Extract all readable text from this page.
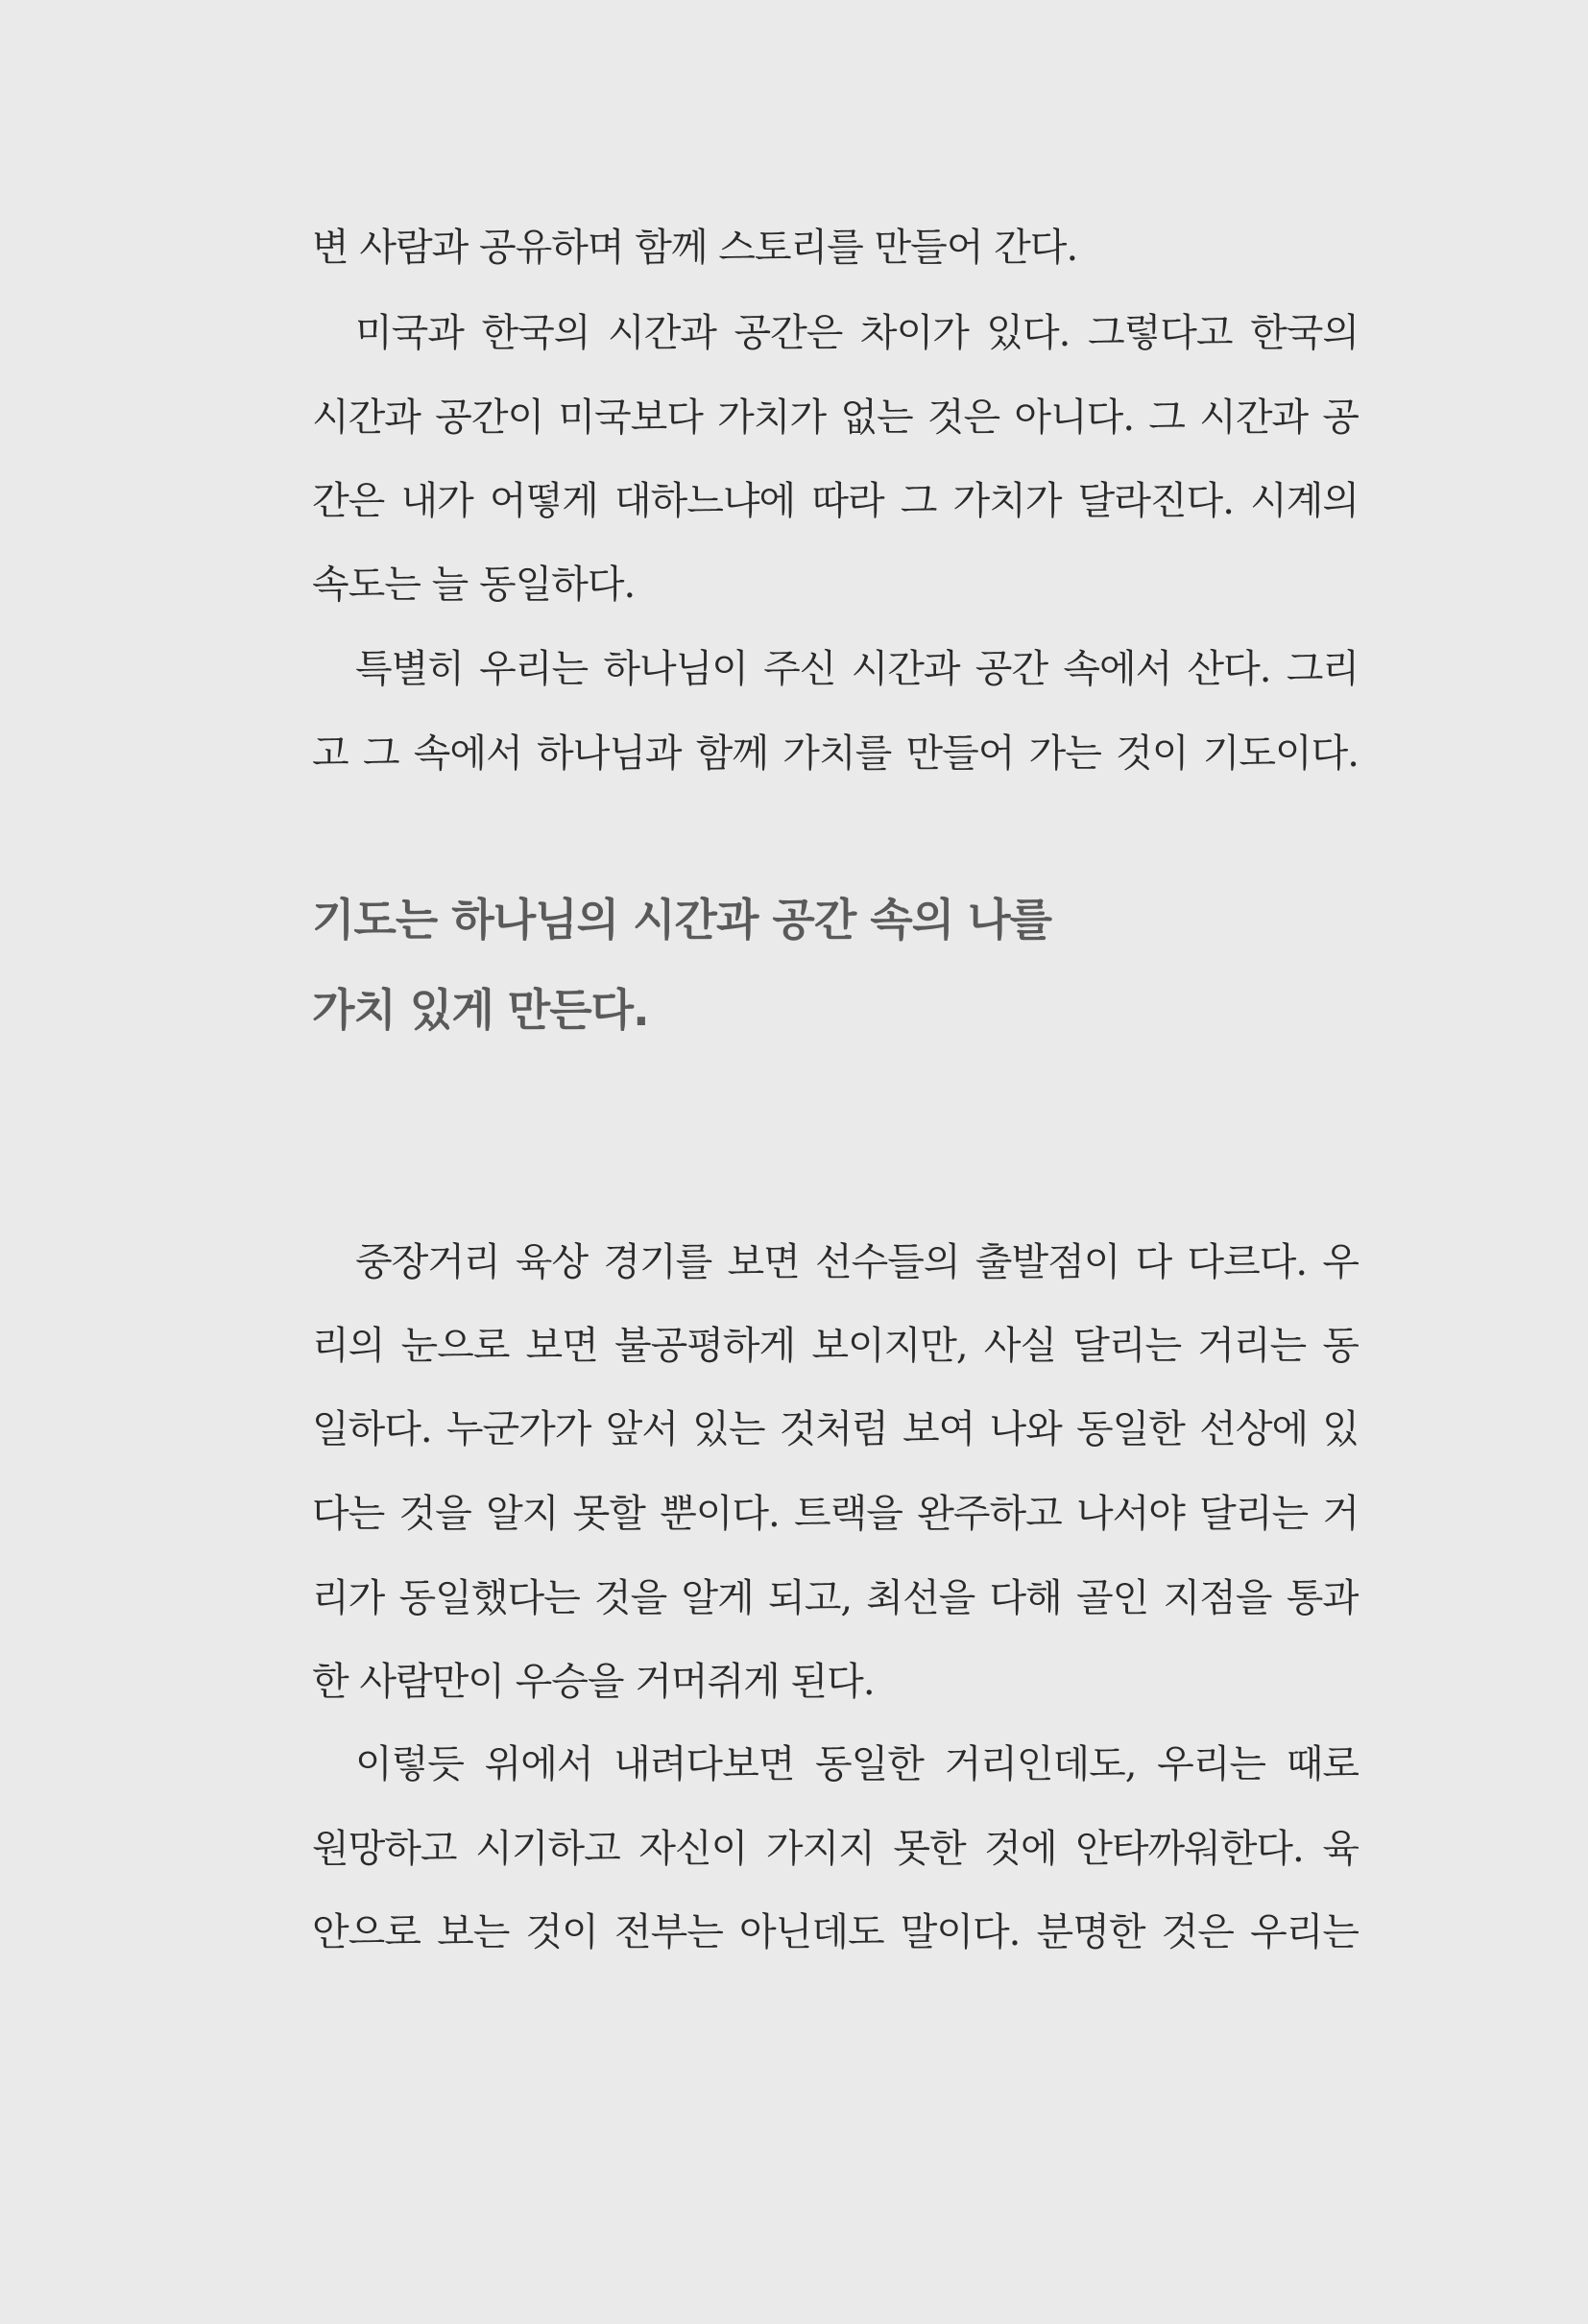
변 사람과 공유하며 함께 스토리를 만들어 간다.
미국과 한국의 시간과 공간은 차이가 있다. 그렇다고 한국의
시간과 공간이 미국보다 가치가 없는 것은 아니다. 그 시간과 공
간은 내가 어떻게 대하느냐에 따라 그 가치가 달라진다. 시계의
속도는 늘 동일하다.
특별히 우리는 하나님이 주신 시간과 공간 속에서 산다. 그리
고 그 속에서 하나님과 함께 가치를 만들어 가는 것이 기도이다.
기도는 하나님의 시간과 공간 속의 나를
가치 있게 만든다.
중장거리 육상 경기를 보면 선수들의 출발점이 다 다르다. 우
리의 눈으로 보면 불공평하게 보이지만, 사실 달리는 거리는 동
일하다. 누군가가 앞서 있는 것처럼 보여 나와 동일한 선상에 있
다는 것을 알지 못할 뿐이다. 트랙을 완주하고 나서야 달리는 거
리가 동일했다는 것을 알게 되고, 최선을 다해 골인 지점을 통과
한 사람만이 우승을 거머쥐게 된다.
이렇듯 위에서 내려다보면 동일한 거리인데도, 우리는 때로
원망하고 시기하고 자신이 가지지 못한 것에 안타까워한다. 육
안으로 보는 것이 전부는 아닌데도 말이다. 분명한 것은 우리는
